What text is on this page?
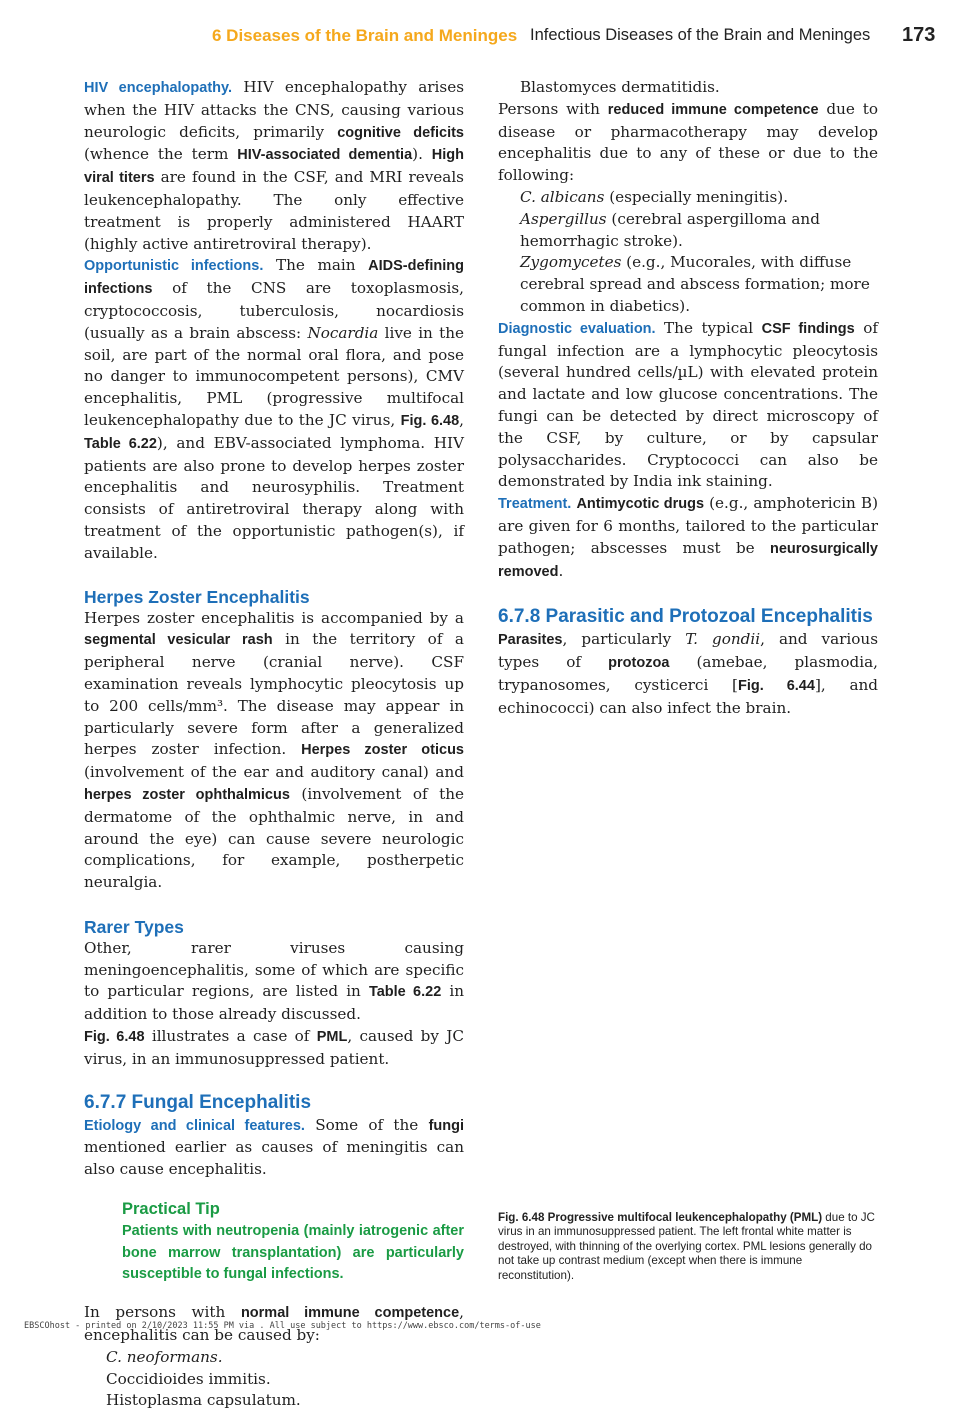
6 Diseases of the Brain and Meninges Infectious Diseases of the Brain and Meninges 173

HIV encephalopathy. HIV encephalopathy arises when the HIV attacks the CNS, causing various neurologic deficits, primarily cognitive deficits (whence the term HIV-associated dementia). High viral titers are found in the CSF, and MRI reveals leukencephalopathy. The only effective treatment is properly administered HAART (highly active antiretroviral therapy).

Opportunistic infections. The main AIDS-defining infections of the CNS are toxoplasmosis, cryptococcosis, tuberculosis, nocardiosis (usually as a brain abscess: Nocardia live in the soil, are part of the normal oral flora, and pose no danger to immunocompetent persons), CMV encephalitis, PML (progressive multifocal leukencephalopathy due to the JC virus, Fig. 6.48, Table 6.22), and EBV-associated lymphoma. HIV patients are also prone to develop herpes zoster encephalitis and neurosyphilis. Treatment consists of antiretroviral therapy along with treatment of the opportunistic pathogen(s), if available.

Herpes Zoster Encephalitis

Herpes zoster encephalitis is accompanied by a segmental vesicular rash in the territory of a peripheral nerve (cranial nerve). CSF examination reveals lymphocytic pleocytosis up to 200 cells/mm³. The disease may appear in particularly severe form after a generalized herpes zoster infection. Herpes zoster oticus (involvement of the ear and auditory canal) and herpes zoster ophthalmicus (involvement of the dermatome of the ophthalmic nerve, in and around the eye) can cause severe neurologic complications, for example, postherpetic neuralgia.

Rarer Types

Other, rarer viruses causing meningoencephalitis, some of which are specific to particular regions, are listed in Table 6.22 in addition to those already discussed.

Fig. 6.48 illustrates a case of PML, caused by JC virus, in an immunosuppressed patient.

6.7.7 Fungal Encephalitis

Etiology and clinical features. Some of the fungi mentioned earlier as causes of meningitis can also cause encephalitis.

Practical Tip
Patients with neutropenia (mainly iatrogenic after bone marrow transplantation) are particularly susceptible to fungal infections.

In persons with normal immune competence, encephalitis can be caused by:

C. neoformans.

Coccidioides immitis.

Histoplasma capsulatum.

Blastomyces dermatitidis.

Persons with reduced immune competence due to disease or pharmacotherapy may develop encephalitis due to any of these or due to the following:

C. albicans (especially meningitis).

Aspergillus (cerebral aspergilloma and hemorrhagic stroke).

Zygomycetes (e.g., Mucorales, with diffuse cerebral spread and abscess formation; more common in diabetics).

Diagnostic evaluation. The typical CSF findings of fungal infection are a lymphocytic pleocytosis (several hundred cells/µL) with elevated protein and lactate and low glucose concentrations. The fungi can be detected by direct microscopy of the CSF, by culture, or by capsular polysaccharides. Cryptococci can also be demonstrated by India ink staining.

Treatment. Antimycotic drugs (e.g., amphotericin B) are given for 6 months, tailored to the particular pathogen; abscesses must be neurosurgically removed.

6.7.8 Parasitic and Protozoal Encephalitis

Parasites, particularly T. gondii, and various types of protozoa (amebae, plasmodia, trypanosomes, cysticerci [Fig. 6.44], and echinococci) can also infect the brain.

Fig. 6.48 Progressive multifocal leukencephalopathy (PML) due to JC virus in an immunosuppressed patient. The left frontal white matter is destroyed, with thinning of the overlying cortex. PML lesions generally do not take up contrast medium (except when there is immune reconstitution).
EBSCOhost - printed on 2/10/2023 11:55 PM via . All use subject to https://www.ebsco.com/terms-of-use
